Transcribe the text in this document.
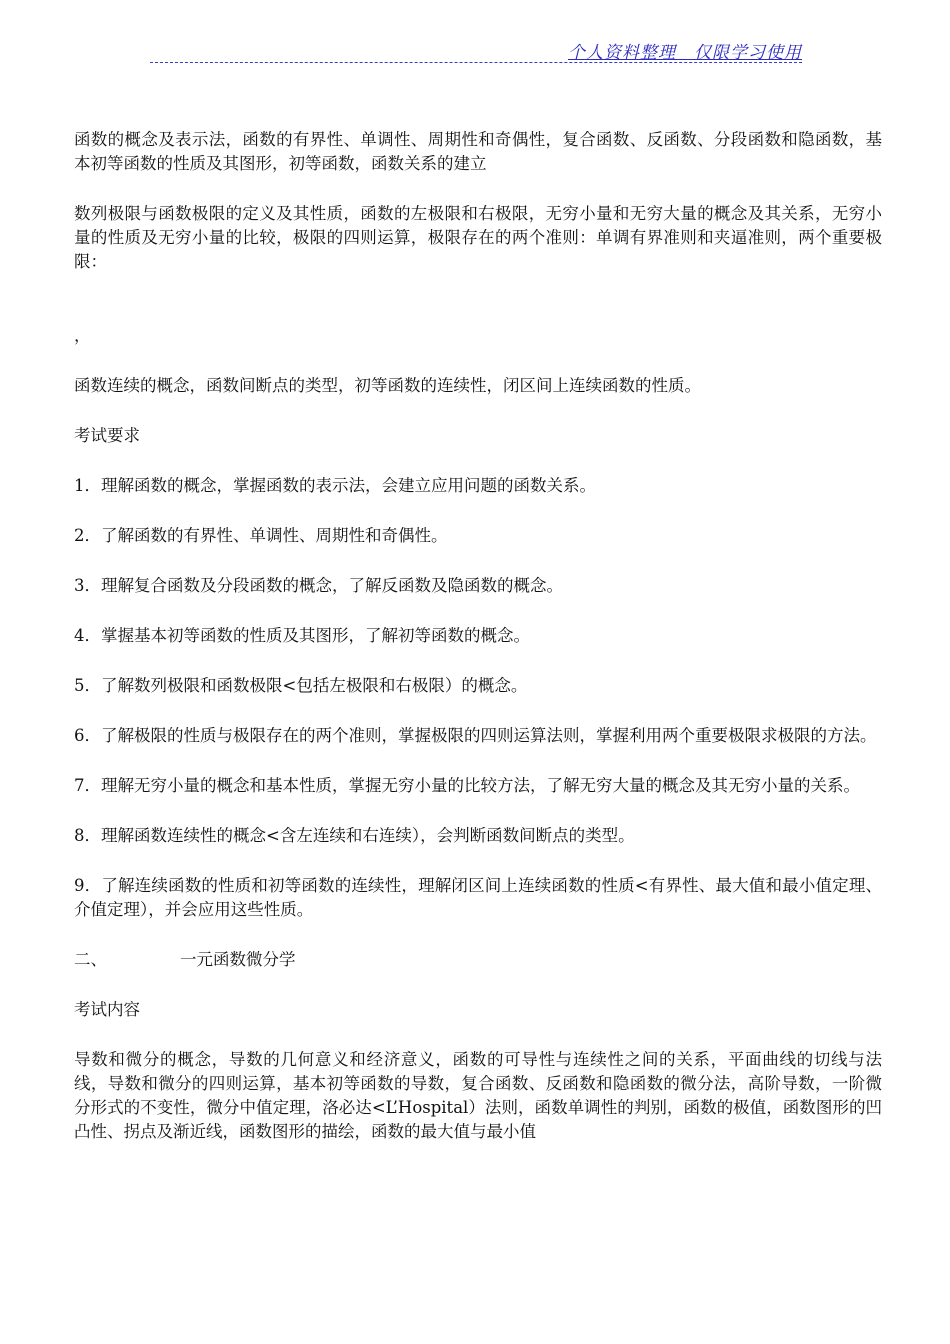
个人资料整理　仅限学习使用

函数的概念及表示法，函数的有界性、单调性、周期性和奇偶性，复合函数、反函数、分段函数和隐函数，基本初等函数的性质及其图形，初等函数，函数关系的建立

数列极限与函数极限的定义及其性质，函数的左极限和右极限，无穷小量和无穷大量的概念及其关系，无穷小量的性质及无穷小量的比较，极限的四则运算，极限存在的两个准则：单调有界准则和夹逼准则，两个重要极限：

，

函数连续的概念，函数间断点的类型，初等函数的连续性，闭区间上连续函数的性质。

考试要求

1．理解函数的概念，掌握函数的表示法，会建立应用问题的函数关系。

2．了解函数的有界性、单调性、周期性和奇偶性。

3．理解复合函数及分段函数的概念，了解反函数及隐函数的概念。

4．掌握基本初等函数的性质及其图形，了解初等函数的概念。

5．了解数列极限和函数极限<包括左极限和右极限）的概念。

6．了解极限的性质与极限存在的两个准则，掌握极限的四则运算法则，掌握利用两个重要极限求极限的方法。

7．理解无穷小量的概念和基本性质，掌握无穷小量的比较方法，了解无穷大量的概念及其无穷小量的关系。

8．理解函数连续性的概念<含左连续和右连续），会判断函数间断点的类型。

9．了解连续函数的性质和初等函数的连续性，理解闭区间上连续函数的性质<有界性、最大值和最小值定理、介值定理），并会应用这些性质。

二、	一元函数微分学

考试内容

导数和微分的概念，导数的几何意义和经济意义，函数的可导性与连续性之间的关系，平面曲线的切线与法线，导数和微分的四则运算，基本初等函数的导数，复合函数、反函数和隐函数的微分法，高阶导数，一阶微分形式的不变性，微分中值定理，洛必达<L’Hospital）法则，函数单调性的判别，函数的极值，函数图形的凹凸性、拐点及渐近线，函数图形的描绘，函数的最大值与最小值
